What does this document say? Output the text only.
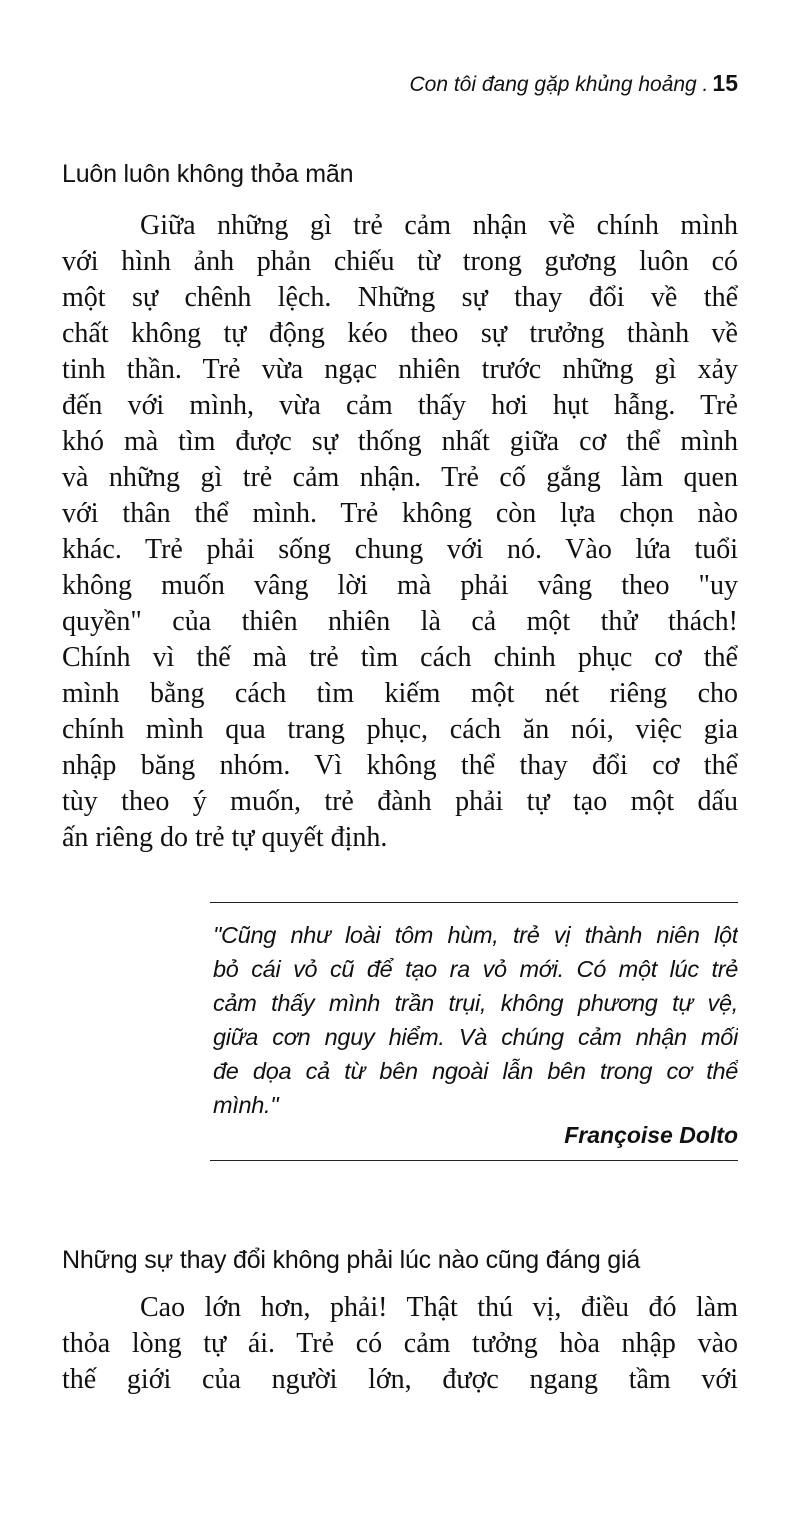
Con tôi đang gặp khủng hoảng . 15
Luôn luôn không thỏa mãn
Giữa những gì trẻ cảm nhận về chính mình
với hình ảnh phản chiếu từ trong gương luôn có
một sự chênh lệch. Những sự thay đổi về thể
chất không tự động kéo theo sự trưởng thành về
tinh thần. Trẻ vừa ngạc nhiên trước những gì xảy
đến với mình, vừa cảm thấy hơi hụt hẫng. Trẻ
khó mà tìm được sự thống nhất giữa cơ thể mình
và những gì trẻ cảm nhận. Trẻ cố gắng làm quen
với thân thể mình. Trẻ không còn lựa chọn nào
khác. Trẻ phải sống chung với nó. Vào lứa tuổi
không muốn vâng lời mà phải vâng theo "uy
quyền" của thiên nhiên là cả một thử thách!
Chính vì thế mà trẻ tìm cách chinh phục cơ thể
mình bằng cách tìm kiếm một nét riêng cho
chính mình qua trang phục, cách ăn nói, việc gia
nhập băng nhóm. Vì không thể thay đổi cơ thể
tùy theo ý muốn, trẻ đành phải tự tạo một dấu
ấn riêng do trẻ tự quyết định.
"Cũng như loài tôm hùm, trẻ vị thành niên lột
bỏ cái vỏ cũ để tạo ra vỏ mới. Có một lúc trẻ
cảm thấy mình trần trụi, không phương tự vệ,
giữa cơn nguy hiểm. Và chúng cảm nhận mối
đe dọa cả từ bên ngoài lẫn bên trong cơ thể
mình."
Françoise Dolto
Những sự thay đổi không phải lúc nào cũng đáng giá
Cao lớn hơn, phải! Thật thú vị, điều đó làm
thỏa lòng tự ái. Trẻ có cảm tưởng hòa nhập vào
thế giới của người lớn, được ngang tầm với
